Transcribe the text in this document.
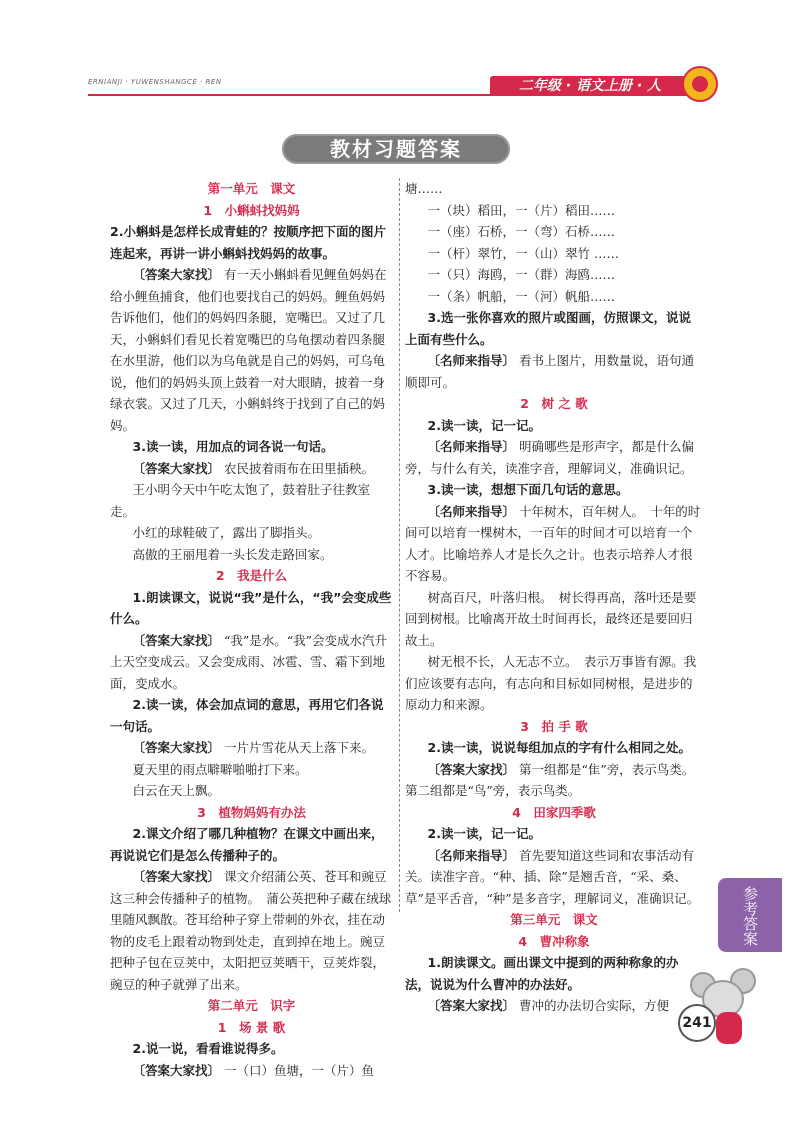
ERNIANJI · YUWENSHANGCE · REN	二年级 · 语文上册 · 人
教材习题答案
第一单元　课文
1　小蝌蚪找妈妈
2.小蝌蚪是怎样长成青蛙的？按顺序把下面的图片连起来，再讲一讲小蝌蚪找妈妈的故事。

〔答案大家找〕 有一天小蝌蚪看见鲤鱼妈妈在给小鲤鱼捕食，他们也要找自己的妈妈。鲤鱼妈妈告诉他们，他们的妈妈四条腿，宽嘴巴。又过了几天，小蝌蚪们看见长着宽嘴巴的乌龟摆动着四条腿在水里游，他们以为乌龟就是自己的妈妈，可乌龟说，他们的妈妈头顶上鼓着一对大眼睛，披着一身绿衣裳。又过了几天，小蝌蚪终于找到了自己的妈妈。

3.读一读，用加点的词各说一句话。

〔答案大家找〕 农民披着雨布在田里插秧。

王小明今天中午吃太饱了，鼓着肚子往教室走。

小红的球鞋破了，露出了脚指头。

高傲的王丽甩着一头长发走路回家。

2　我是什么
1.朗读课文，说说“我”是什么，“我”会变成些什么。

〔答案大家找〕 “我”是水。“我”会变成水汽升上天空变成云。又会变成雨、冰雹、雪、霜下到地面，变成水。

2.读一读，体会加点词的意思，再用它们各说一句话。

〔答案大家找〕 一片片雪花从天上落下来。

夏天里的雨点噼噼啪啪打下来。

白云在天上飘。

3　植物妈妈有办法
2.课文介绍了哪几种植物？在课文中画出来，再说说它们是怎么传播种子的。

〔答案大家找〕 课文介绍蒲公英、苍耳和豌豆这三种会传播种子的植物。　蒲公英把种子藏在绒球里随风飘散。苍耳给种子穿上带刺的外衣，挂在动物的皮毛上跟着动物到处走，直到掉在地上。豌豆把种子包在豆荚中，太阳把豆荚晒干，豆荚炸裂，豌豆的种子就弹了出来。

第二单元　识字
1　场 景 歌
2.说一说，看看谁说得多。

〔答案大家找〕 一（口）鱼塘，一（片）鱼

塘……

一（块）稻田，一（片）稻田……

一（座）石桥，一（弯）石桥……

一（杆）翠竹，一（山）翠竹 ……

一（只）海鸥，一（群）海鸥……

一（条）帆船，一（河）帆船……

3.选一张你喜欢的照片或图画，仿照课文，说说上面有些什么。

〔名师来指导〕 看书上图片，用数量说，语句通顺即可。

2　树 之 歌
2.读一读，记一记。

〔名师来指导〕 明确哪些是形声字，都是什么偏旁，与什么有关，读准字音，理解词义，准确识记。

3.读一读，想想下面几句话的意思。

〔名师来指导〕 十年树木，百年树人。　十年的时间可以培育一棵树木，一百年的时间才可以培育一个人才。比喻培养人才是长久之计。也表示培养人才很不容易。

树高百尺，叶落归根。　树长得再高，落叶还是要回到树根。比喻离开故土时间再长，最终还是要回归故土。

树无根不长，人无志不立。　表示万事皆有源。我们应该要有志向，有志向和目标如同树根，是进步的原动力和来源。

3　拍 手 歌
2.读一读，说说每组加点的字有什么相同之处。

〔答案大家找〕 第一组都是“隹”旁，表示鸟类。第二组都是“鸟”旁，表示鸟类。

4　田家四季歌
2.读一读，记一记。

〔名师来指导〕 首先要知道这些词和农事活动有关。读准字音。“种、插、除”是翘舌音，“采、桑、草”是平舌音，“种”是多音字，理解词义，准确识记。

第三单元　课文
4　曹冲称象
1.朗读课文。画出课文中提到的两种称象的办法，说说为什么曹冲的办法好。

〔答案大家找〕 曹冲的办法切合实际，方便

参考答案
241
